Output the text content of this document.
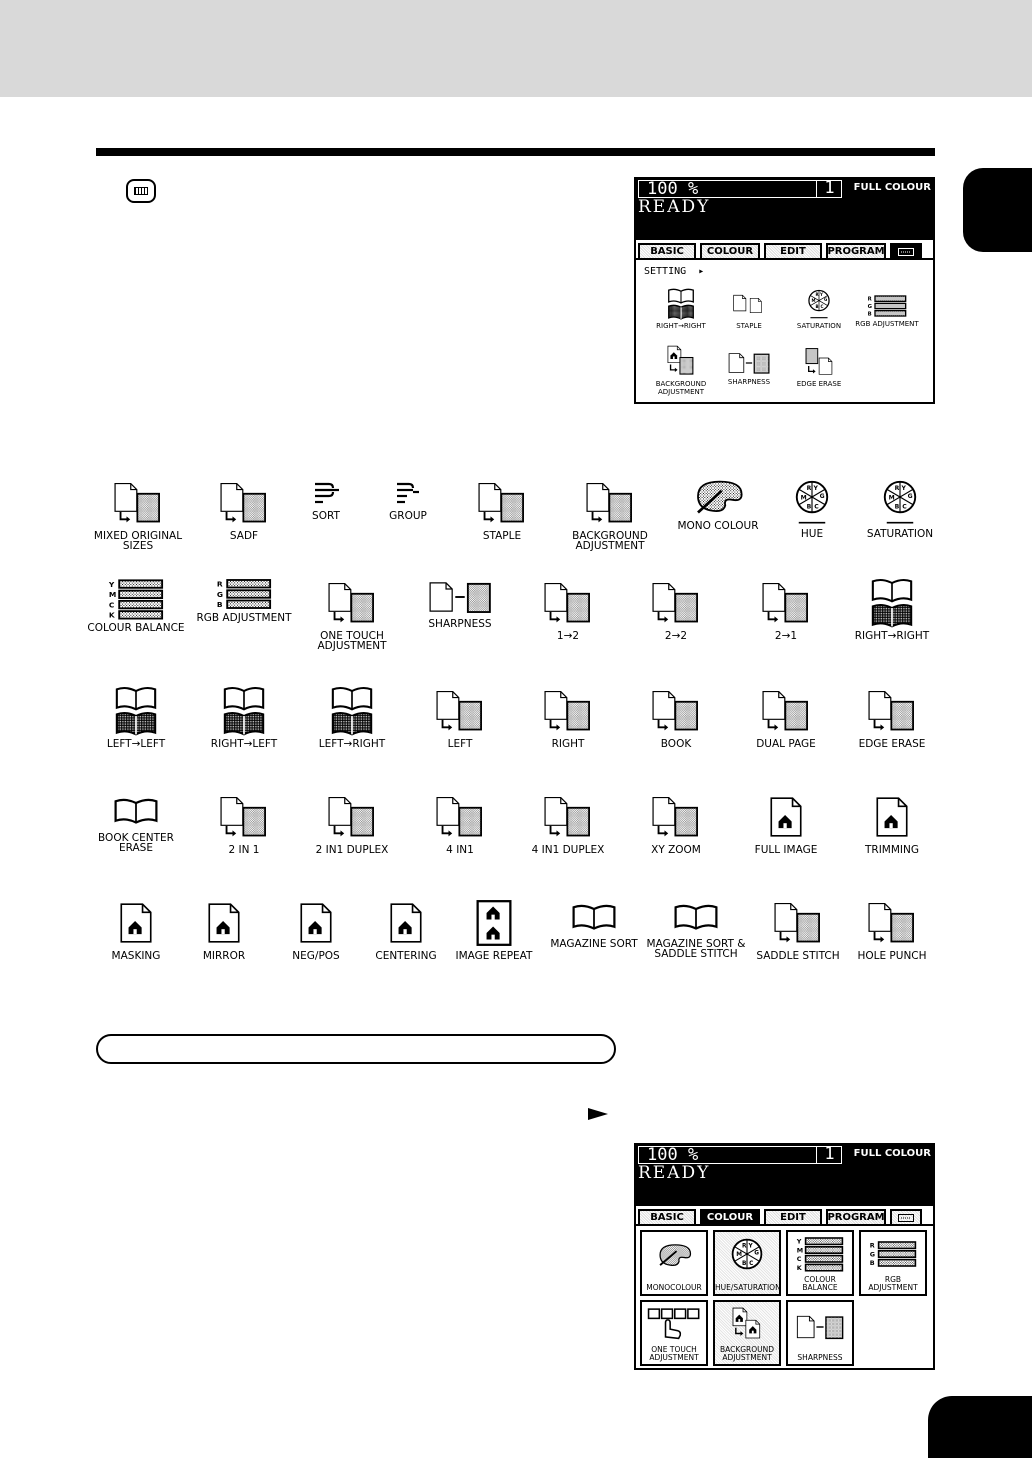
100 %	1	FULL COLOUR
READY
BASIC	COLOUR	EDIT	PROGRAM
SETTING  ▸
RIGHT→RIGHT	STAPLE	SATURATION	RGB ADJUSTMENT
BACKGROUND ADJUSTMENT
SHARPNESS	EDGE ERASE
MIXED ORIGINAL SIZES
SADF
SORT	GROUP
STAPLE	BACKGROUND ADJUSTMENT
MONO COLOUR
HUE	SATURATION
COLOUR BALANCE
RGB ADJUSTMENT
ONE TOUCH ADJUSTMENT
SHARPNESS
1→2	2→2	2→1	RIGHT→RIGHT
LEFT→LEFT	RIGHT→LEFT	LEFT→RIGHT	LEFT	RIGHT	BOOK	DUAL PAGE	EDGE ERASE
BOOK CENTER ERASE	2 IN 1	2 IN1 DUPLEX	4 IN1	4 IN1 DUPLEX	XY ZOOM	FULL IMAGE	TRIMMING
MASKING	MIRROR	NEG/POS	CENTERING	IMAGE REPEAT
MAGAZINE SORT MAGAZINE SORT & SADDLE STITCH	SADDLE STITCH	HOLE PUNCH
100 %	1	FULL COLOUR
READY
BASIC	COLOUR	EDIT	PROGRAM
MONOCOLOUR	HUE/SATURATION
COLOUR BALANCE
RGB ADJUSTMENT
ONE TOUCH ADJUSTMENT
BACKGROUND ADJUSTMENT	SHARPNESS
